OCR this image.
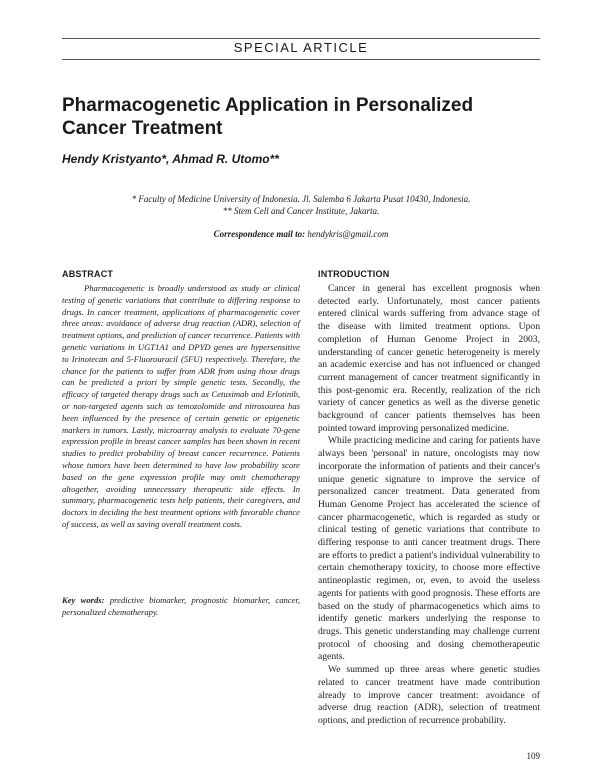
SPECIAL ARTICLE
Pharmacogenetic Application in Personalized Cancer Treatment
Hendy Kristyanto*, Ahmad R. Utomo**
* Faculty of Medicine University of Indonesia. Jl. Salemba 6 Jakarta Pusat 10430, Indonesia.
** Stem Cell and Cancer Institute, Jakarta.
Correspondence mail to: hendykris@gmail.com
ABSTRACT

Pharmacogenetic is broadly understood as study or clinical testing of genetic variations that contribute to differing response to drugs. In cancer treatment, applications of pharmacogenetic cover three areas: avoidance of adverse drug reaction (ADR), selection of treatment options, and prediction of cancer recurrence. Patients with genetic variations in UGT1A1 and DPYD genes are hypersensitive to Irinotecan and 5-Fluorouracil (5FU) respectively. Therefore, the chance for the patients to suffer from ADR from using those drugs can be predicted a priori by simple genetic tests. Secondly, the efficacy of targeted therapy drugs such as Cetuximab and Erlotinib, or non-targeted agents such as temozolomide and nitrosourea has been influenced by the presence of certain genetic or epigenetic markers in tumors. Lastly, microarray analysis to evaluate 70-gene expression profile in breast cancer samples has been shown in recent studies to predict probability of breast cancer recurrence. Patients whose tumors have been determined to have low probability score based on the gene expression profile may omit chemotherapy altogether, avoiding unnecessary therapeutic side effects. In summary, pharmacogenetic tests help patients, their caregivers, and doctors in deciding the best treatment options with favorable chance of success, as well as saving overall treatment costs.

Key words: predictive biomarker, prognostic biomarker, cancer, personalized chemotherapy.

INTRODUCTION

Cancer in general has excellent prognosis when detected early. Unfortunately, most cancer patients entered clinical wards suffering from advance stage of the disease with limited treatment options. Upon completion of Human Genome Project in 2003, understanding of cancer genetic heterogeneity is merely an academic exercise and has not influenced or changed current management of cancer treatment significantly in this post-genomic era. Recently, realization of the rich variety of cancer genetics as well as the diverse genetic background of cancer patients themselves has been pointed toward improving personalized medicine.

While practicing medicine and caring for patients have always been 'personal' in nature, oncologists may now incorporate the information of patients and their cancer's unique genetic signature to improve the service of personalized cancer treatment. Data generated from Human Genome Project has accelerated the science of cancer pharmacogenetic, which is regarded as study or clinical testing of genetic variations that contribute to differing response to anti cancer treatment drugs. There are efforts to predict a patient's individual vulnerability to certain chemotherapy toxicity, to choose more effective antineoplastic regimen, or, even, to avoid the useless agents for patients with good prognosis. These efforts are based on the study of pharmacogenetics which aims to identify genetic markers underlying the response to drugs. This genetic understanding may challenge current protocol of choosing and dosing chemotherapeutic agents.

We summed up three areas where genetic studies related to cancer treatment have made contribution already to improve cancer treatment: avoidance of adverse drug reaction (ADR), selection of treatment options, and prediction of recurrence probability.

109
